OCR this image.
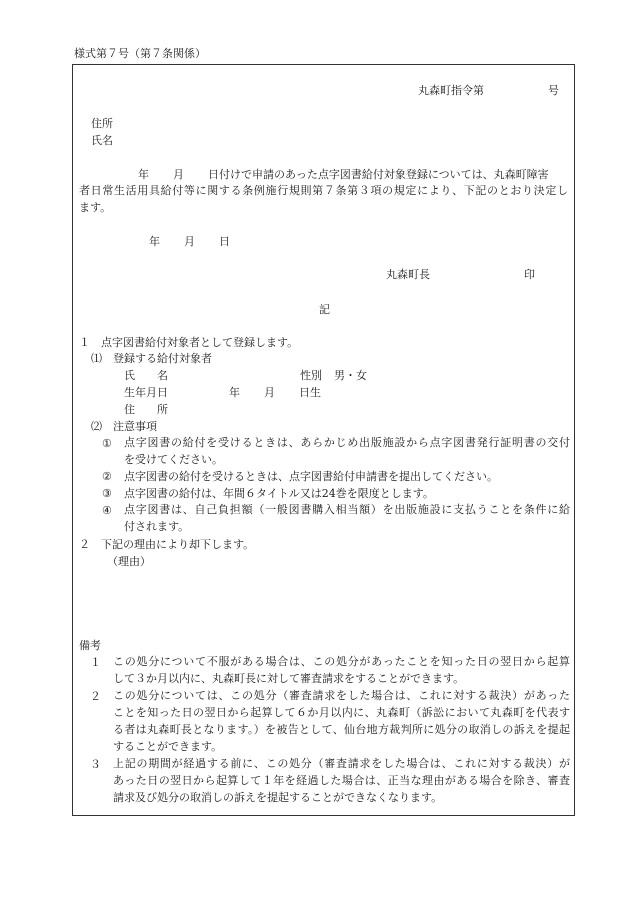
様式第７号（第７条関係）
丸森町指令第	号
住所
氏名
年 月 日付けで申請のあった点字図書給付対象登録については、丸森町障害
者日常生活用具給付等に関する条例施行規則第７条第３項の規定により、下記のとおり決定し
ます。
年 月 日
丸森町長	印
記
１　点字図書給付対象者として登録します。
⑴　登録する給付対象者
氏　　名	性別 男・女
生年月日	年 月 日生
住　　所
⑵　注意事項
① 点字図書の給付を受けるときは、あらかじめ出版施設から点字図書発行証明書の交付
を受けてください。
② 点字図書の給付を受けるときは、点字図書給付申請書を提出してください。
③ 点字図書の給付は、年間６タイトル又は24巻を限度とします。
④ 点字図書は、自己負担額（一般図書購入相当額）を出版施設に支払うことを条件に給
付されます。
２　下記の理由により却下します。
（理由）
備考
１ この処分について不服がある場合は、この処分があったことを知った日の翌日から起算
して３か月以内に、丸森町長に対して審査請求をすることができます。
２ この処分については、この処分（審査請求をした場合は、これに対する裁決）があった
ことを知った日の翌日から起算して６か月以内に、丸森町（訴訟において丸森町を代表す
る者は丸森町長となります。）を被告として、仙台地方裁判所に処分の取消しの訴えを提起
することができます。
３ 上記の期間が経過する前に、この処分（審査請求をした場合は、これに対する裁決）が
あった日の翌日から起算して１年を経過した場合は、正当な理由がある場合を除き、審査
請求及び処分の取消しの訴えを提起することができなくなります。
